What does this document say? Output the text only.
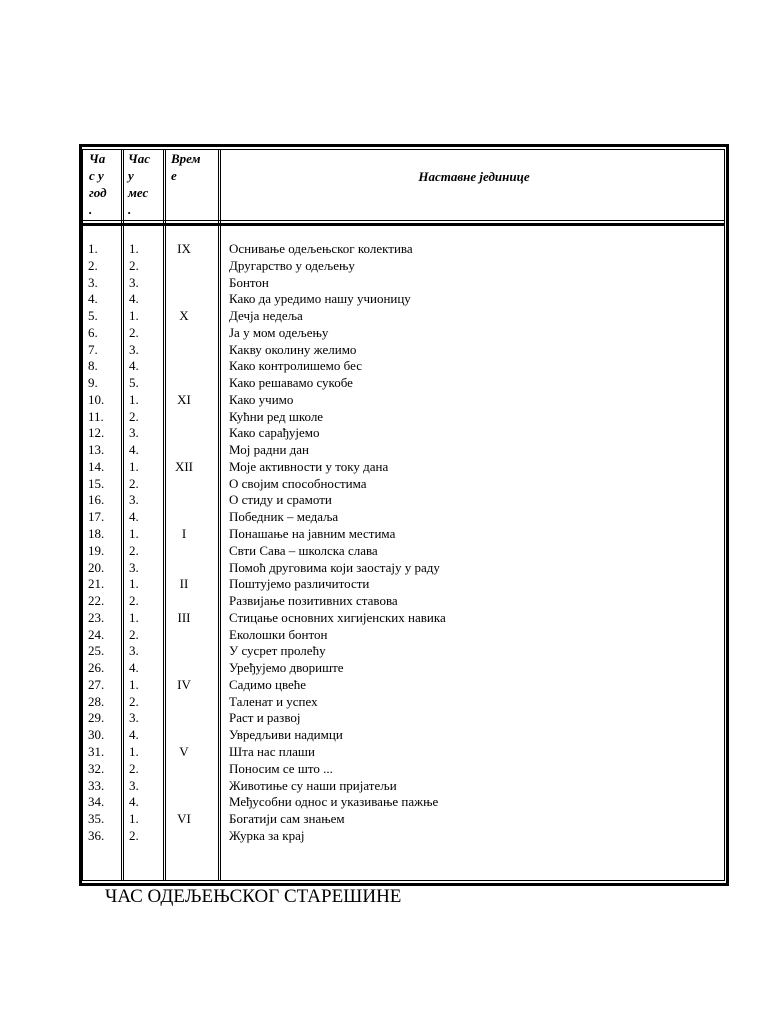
Ча
с у
год
.
Час
у
мес
.
Врем
е	Наставне јединице
1.
2.
3.
4.
5.
6.
7.
8.
9.
10.
11.
12.
13.
14.
15.
16.
17.
18.
19.
20.
21.
22.
23.
24.
25.
26.
27.
28.
29.
30.
31.
32.
33.
34.
35.
36.
1.
2.
3.
4.
1.
2.
3.
4.
5.
1.
2.
3.
4.
1.
2.
3.
4.
1.
2.
3.
1.
2.
1.
2.
3.
4.
1.
2.
3.
4.
1.
2.
3.
4.
1.
2.
IX
X
XI
XII
I
II
III
IV
V
VI
Оснивање одељењског колектива
Другарство у одељењу
Бонтон
Како да уредимо нашу учионицу
Дечја недеља
Ја у мом одељењу
Какву околину желимо
Како контролишемо бес
Како решавамо сукобе
Како учимо
Кућни ред школе
Како сарађујемо
Мој радни дан
Моје активности у току дана
О својим способностима
О стиду и срамоти
Победник – медаља
Понашање на јавним местима
Свти Сава – школска слава
Помоћ друговима који заостају у раду
Поштујемо различитости
Развијање позитивних ставова
Стицање основних хигијенских навика
Еколошки бонтон
У сусрет пролећу
Уређујемо двориште
Садимо цвеће
Таленат и успех
Раст и развој
Увредљиви надимци
Шта нас плаши
Поносим се што ...
Животиње су наши пријатељи
Међусобни однос и указивање пажње
Богатији сам знањем
Журка за крај
ЧАС ОДЕЉЕЊСКОГ СТАРЕШИНЕ
